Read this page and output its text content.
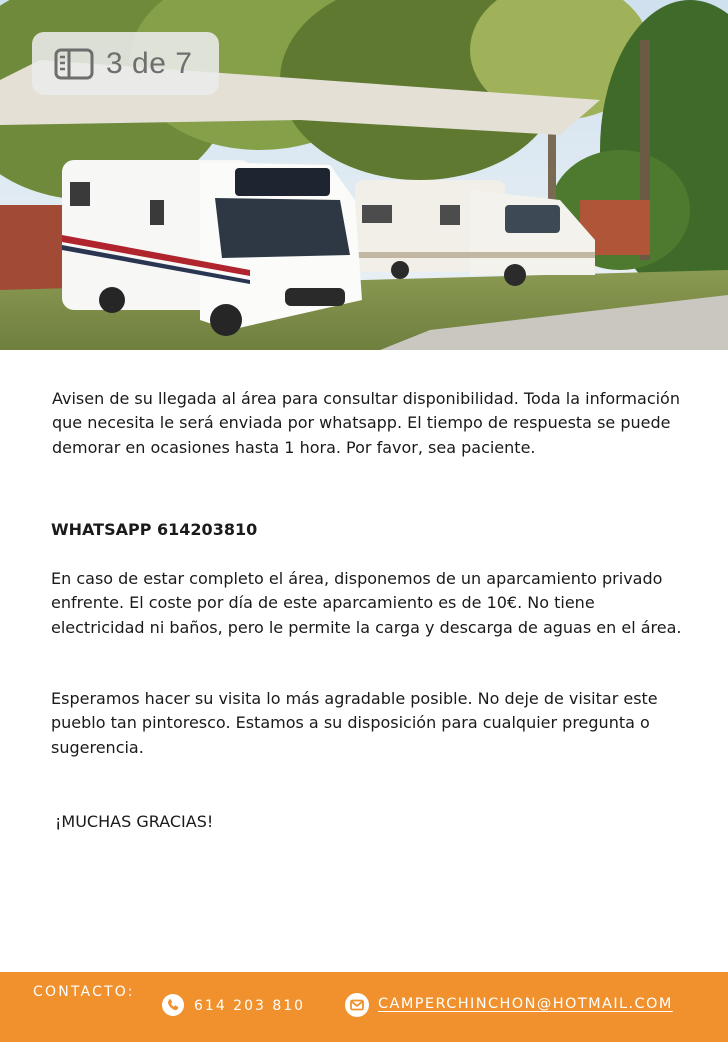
3 de 7

Avisen de su llegada al área para consultar disponibilidad. Toda la información que necesita le será enviada por whatsapp. El tiempo de respuesta se puede demorar en ocasiones hasta 1 hora. Por favor, sea paciente.

WHATSAPP 614203810

En caso de estar completo el área, disponemos de un aparcamiento privado enfrente. El coste por día de este aparcamiento es de 10€. No tiene electricidad ni baños, pero le permite la carga y descarga de aguas en el área.

Esperamos hacer su visita lo más agradable posible. No deje de visitar este pueblo tan pintoresco. Estamos a su disposición para cualquier pregunta o sugerencia.

¡MUCHAS GRACIAS!

CONTACTO:
614 203 810	CAMPERCHINCHON@HOTMAIL.COM
